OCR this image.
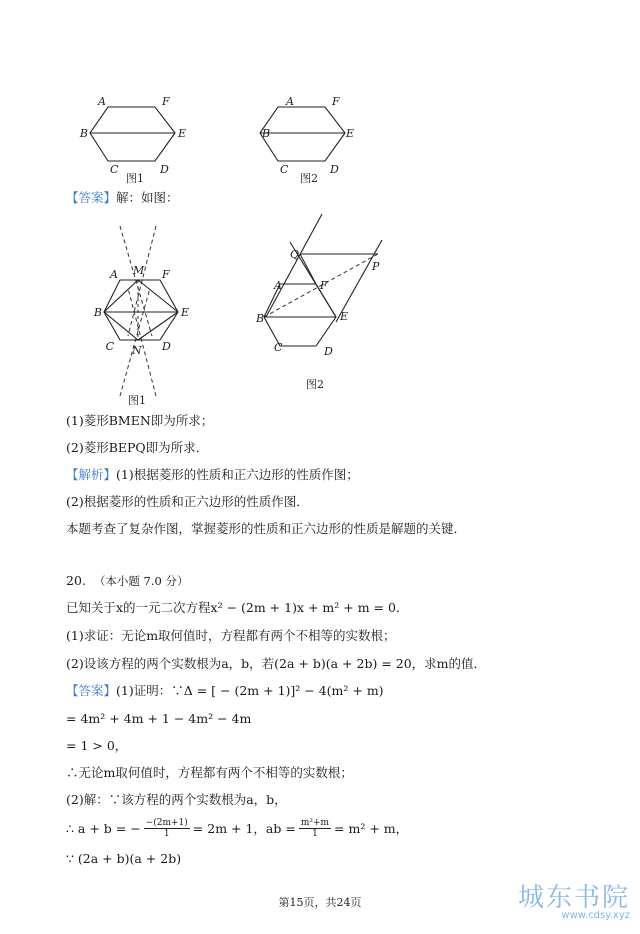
A	F
B	E
C	D
图1
A	F
B	E
C	D
图2
【答案】解：如图：
A M F
B	E
C N D
图1
Q
P
A	F
B	E
C	D
图2
(1)菱形BMEN即为所求；
(2)菱形BEPQ即为所求．
【解析】(1)根据菱形的性质和正六边形的性质作图；
(2)根据菱形的性质和正六边形的性质作图．
本题考查了复杂作图，掌握菱形的性质和正六边形的性质是解题的关键．
20. （本小题 7.0 分）
已知关于x的一元二次方程x² − (2m + 1)x + m² + m = 0．
(1)求证：无论m取何值时，方程都有两个不相等的实数根；
(2)设该方程的两个实数根为a，b，若(2a + b)(a + 2b) = 20，求m的值．
【答案】(1)证明：∵Δ = [ − (2m + 1)]² − 4(m² + m)
= 4m² + 4m + 1 − 4m² − 4m
= 1 > 0，
∴无论m取何值时，方程都有两个不相等的实数根；
(2)解：∵该方程的两个实数根为a，b，
∴ a + b = − $\frac{-(2m+1)}{1} = 2m + 1$，ab = $\frac{\text{m²+m}}{1} = m^2 + m$，
∵ (2a + b)(a + 2b)
第15页，共24页	城东书院
www.cdsy.xyz
